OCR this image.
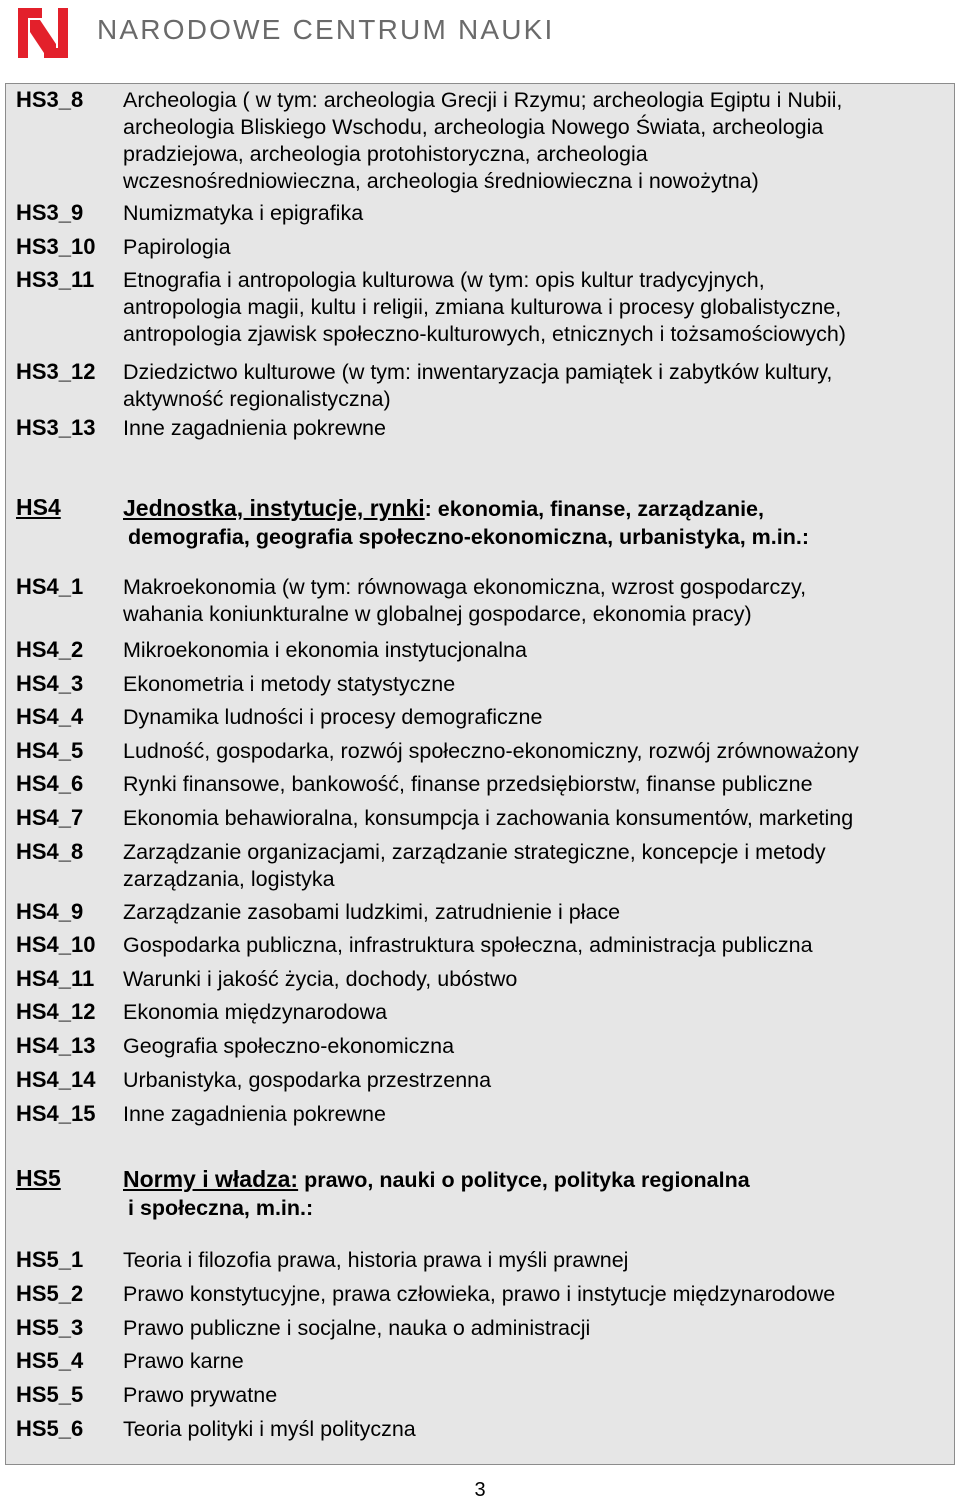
NARODOWE CENTRUM NAUKI
HS3_8 Archeologia ( w tym: archeologia Grecji i Rzymu; archeologia Egiptu i Nubii,
archeologia Bliskiego Wschodu, archeologia Nowego Świata, archeologia
pradziejowa, archeologia protohistoryczna, archeologia
wczesnośredniowieczna, archeologia średniowieczna i nowożytna)
HS3_9 Numizmatyka i epigrafika
HS3_10 Papirologia
HS3_11 Etnografia i antropologia kulturowa (w tym: opis kultur tradycyjnych,
antropologia magii, kultu i religii, zmiana kulturowa i procesy globalistyczne,
antropologia zjawisk społeczno-kulturowych, etnicznych i tożsamościowych)
HS3_12 Dziedzictwo kulturowe (w tym: inwentaryzacja pamiątek i zabytków kultury,
aktywność regionalistyczna)
HS3_13 Inne zagadnienia pokrewne
HS4	Jednostka, instytucje, rynki: ekonomia, finanse, zarządzanie,
demografia, geografia społeczno-ekonomiczna, urbanistyka, m.in.:
HS4_1 Makroekonomia (w tym: równowaga ekonomiczna, wzrost gospodarczy,
wahania koniunkturalne w globalnej gospodarce, ekonomia pracy)
HS4_2 Mikroekonomia i ekonomia instytucjonalna
HS4_3 Ekonometria i metody statystyczne
HS4_4 Dynamika ludności i procesy demograficzne
HS4_5 Ludność, gospodarka, rozwój społeczno-ekonomiczny, rozwój zrównoważony
HS4_6 Rynki finansowe, bankowość, finanse przedsiębiorstw, finanse publiczne
HS4_7 Ekonomia behawioralna, konsumpcja i zachowania konsumentów, marketing
HS4_8 Zarządzanie organizacjami, zarządzanie strategiczne, koncepcje i metody
zarządzania, logistyka
HS4_9 Zarządzanie zasobami ludzkimi, zatrudnienie i płace
HS4_10 Gospodarka publiczna, infrastruktura społeczna, administracja publiczna
HS4_11 Warunki i jakość życia, dochody, ubóstwo
HS4_12 Ekonomia międzynarodowa
HS4_13 Geografia społeczno-ekonomiczna
HS4_14 Urbanistyka, gospodarka przestrzenna
HS4_15 Inne zagadnienia pokrewne
HS5	Normy i władza: prawo, nauki o polityce, polityka regionalna
i społeczna, m.in.:
HS5_1 Teoria i filozofia prawa, historia prawa i myśli prawnej
HS5_2 Prawo konstytucyjne, prawa człowieka, prawo i instytucje międzynarodowe
HS5_3 Prawo publiczne i socjalne, nauka o administracji
HS5_4 Prawo karne
HS5_5 Prawo prywatne
HS5_6 Teoria polityki i myśl polityczna
3
